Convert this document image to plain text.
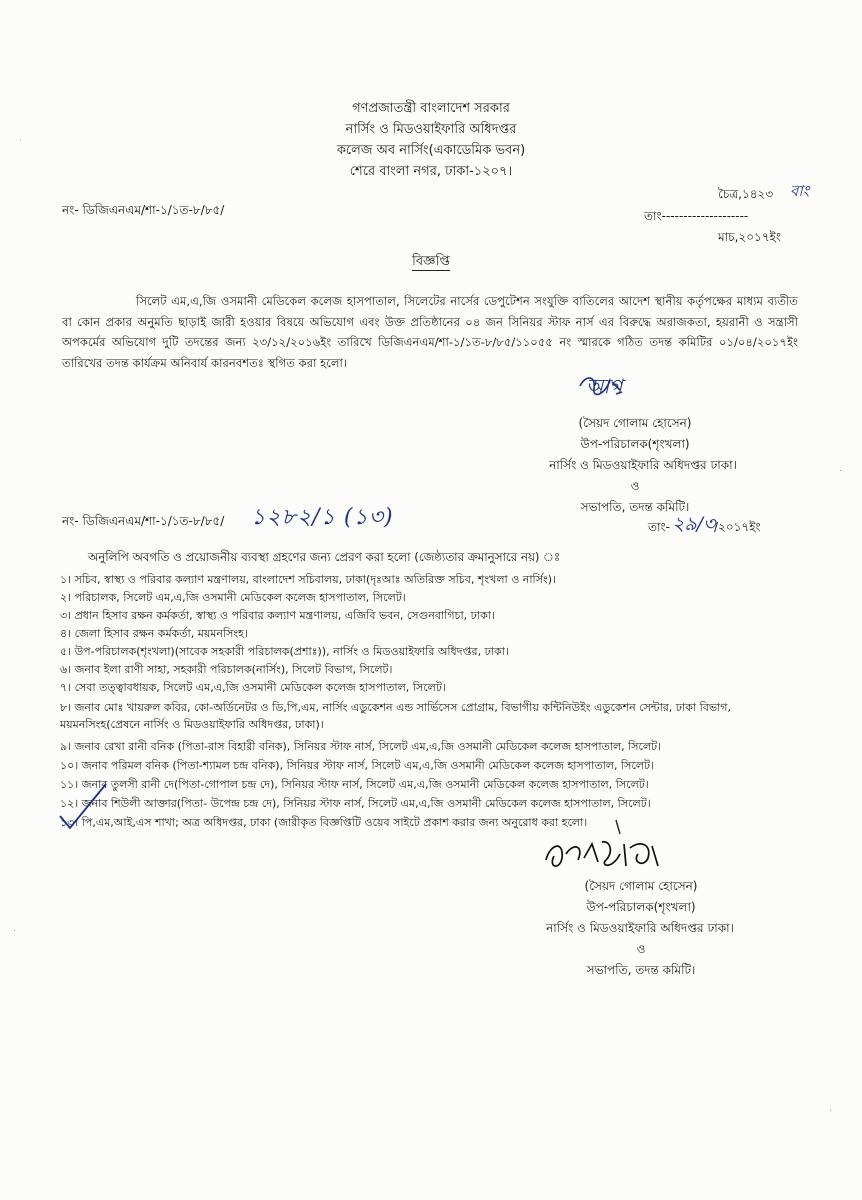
গণপ্রজাতন্ত্রী বাংলাদেশ সরকার
নার্সিং ও মিডওয়াইফারি অধিদপ্তর
কলেজ অব নার্সিং(একাডেমিক ভবন)
শেরে বাংলা নগর, ঢাকা-১২০৭।
নং- ডিজিএনএম/শা-১/১ত-৮/৮৫/
চৈত্র,১৪২৩ বাং
তাং--------------------
মাচ,২০১৭ইং
বিজ্ঞপ্তি
সিলেট এম,এ,জি ওসমানী মেডিকেল কলেজ হাসপাতাল, সিলেটের নার্সের ডেপুটেশন সংযুক্তি বাতিলের আদেশ স্থানীয় কর্তৃপক্ষের মাধ্যম ব্যতীত বা কোন প্রকার অনুমতি ছাড়াই জারী হওয়ার বিষয়ে অভিযোগ এবং উক্ত প্রতিষ্ঠানের ০৪ জন সিনিয়র স্টাফ নার্স এর বিরুদ্ধে অরাজকতা, হয়রানী ও সন্ত্রাসী অপকর্মের অভিযোগ দুটি তদন্তের জন্য ২৩/১২/২০১৬ইং তারিখে ডিজিএনএম/শা-১/১ত-৮/৮৫/১১০৫৫ নং স্মারকে গঠিত তদন্ত কমিটির ০১/০৪/২০১৭ইং তারিখের তদন্ত কার্যক্রম অনিবার্য কারনবশতঃ স্থগিত করা হলো।
আগ
(সৈয়দ গোলাম হোসেন)
উপ-পরিচালক(শৃংখলা)
নার্সিং ও মিডওয়াইফারি অধিদপ্তর ঢাকা।
ও
সভাপতি, তদন্ত কমিটি।
নং- ডিজিএনএম/শা-১/১ত-৮/৮৫/ ১২৮২/১ (১৩)	তাং- ২৯/৩
/২০১৭ইং
অনুলিপি অবগতি ও প্রয়োজনীয় ব্যবস্থা গ্রহণের জন্য প্রেরণ করা হলো (জেষ্ঠ্যতার ক্রমানুসারে নয়) ঃ
১। সচিব, স্বাস্থ্য ও পরিবার কল্যাণ মন্ত্রণালয়, বাংলাদেশ সচিবালয়, ঢাকা(দৃঃআঃ অতিরিক্ত সচিব, শৃংখলা ও নার্সিং)।
২। পরিচালক, সিলেট এম,এ,জি ওসমানী মেডিকেল কলেজ হাসপাতাল, সিলেট।
৩। প্রধান হিসাব রক্ষন কর্মকর্তা, স্বাস্থ্য ও পরিবার কল্যাণ মন্ত্রণালয়, এজিবি ভবন, সেগুনবাগিচা, ঢাকা।
৪। জেলা হিসাব রক্ষন কর্মকর্তা, ময়মনসিংহ।
৫। উপ-পরিচালক(শৃংখলা)(সাবেক সহকারী পরিচালক(প্রশাঃ)), নার্সিং ও মিডওয়াইফারি অধিদপ্তর, ঢাকা।
৬। জনাব ইলা রাণী সাহা, সহকারী পরিচালক(নার্সিং), সিলেট বিভাগ, সিলেট।
৭। সেবা তত্ত্বাবধায়ক, সিলেট এম,এ,জি ওসমানী মেডিকেল কলেজ হাসপাতাল, সিলেট।
৮। জনাব মোঃ খায়রুল কবির, কো-অর্ডিনেটর ও ডি,পি,এম, নার্সিং এডুকেশন এন্ড সার্ভিসেস প্রোগ্রাম, বিভাগীয় কন্টিনিউইং এডুকেশন সেন্টার, ঢাকা বিভাগ, ময়মনসিংহ(প্রেষনে নার্সিং ও মিডওয়াইফারি অধিদপ্তর, ঢাকা)।
৯। জনাব রেখা রানী বনিক (পিতা-রাস বিহারী বনিক), সিনিয়র স্টাফ নার্স, সিলেট এম,এ,জি ওসমানী মেডিকেল কলেজ হাসপাতাল, সিলেট।
১০। জনাব পরিমল বনিক (পিতা-শ্যামল চন্দ্র বনিক), সিনিয়র স্টাফ নার্স, সিলেট এম,এ,জি ওসমানী মেডিকেল কলেজ হাসপাতাল, সিলেট।
১১। জনাব তুলসী রানী দে(পিতা-গোপাল চন্দ্র দে), সিনিয়র স্টাফ নার্স, সিলেট এম,এ,জি ওসমানী মেডিকেল কলেজ হাসপাতাল, সিলেট।
১২। জনাব শিউলী আক্তার(পিতা- উপেন্দ্র চন্দ্র দে), সিনিয়র স্টাফ নার্স, সিলেট এম,এ,জি ওসমানী মেডিকেল কলেজ হাসপাতাল, সিলেট।
১৩। পি,এম,আই,এস শাখা; অত্র অধিদপ্তর, ঢাকা (জারীকৃত বিজ্ঞপ্তিটি ওয়েব সাইটে প্রকাশ করার জন্য অনুরোধ করা হলো।
(সৈয়দ গোলাম হোসেন)
উপ-পরিচালক(শৃংখলা)
নার্সিং ও মিডওয়াইফারি অধিদপ্তর ঢাকা।
ও
সভাপতি, তদন্ত কমিটি।
